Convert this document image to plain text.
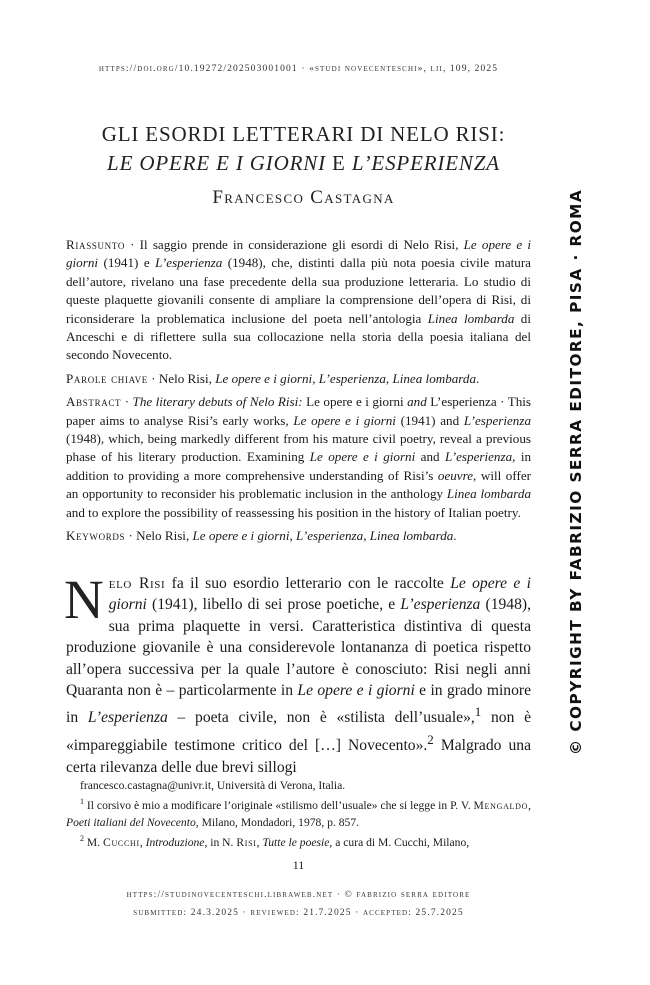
https://doi.org/10.19272/202503001001 · «studi novecenteschi», lii, 109, 2025
GLI ESORDI LETTERARI DI NELO RISI:
LE OPERE E I GIORNI E L’ESPERIENZA
Francesco Castagna

Riassunto · Il saggio prende in considerazione gli esordi di Nelo Risi, Le opere e i giorni (1941) e L’esperienza (1948), che, distinti dalla più nota poesia civile matura dell’autore, rivelano una fase precedente della sua produzione letteraria. Lo studio di queste plaquette giovanili consente di ampliare la comprensione dell’opera di Risi, di riconsiderare la problematica inclusione del poeta nell’antologia Linea lombarda di Anceschi e di riflettere sulla sua collocazione nella storia della poesia italiana del secondo Novecento.

Parole chiave · Nelo Risi, Le opere e i giorni, L’esperienza, Linea lombarda.

Abstract · The literary debuts of Nelo Risi: Le opere e i giorni and L’esperienza · This paper aims to analyse Risi’s early works, Le opere e i giorni (1941) and L’esperienza (1948), which, being markedly different from his mature civil poetry, reveal a previous phase of his literary production. Examining Le opere e i giorni and L’esperienza, in addition to providing a more comprehensive understanding of Risi’s oeuvre, will offer an opportunity to reconsider his problematic inclusion in the anthology Linea lombarda and to explore the possibility of reassessing his position in the history of Italian poetry.

Keywords · Nelo Risi, Le opere e i giorni, L’esperienza, Linea lombarda.

Nelo Risi fa il suo esordio letterario con le raccolte Le opere e i giorni (1941), libello di sei prose poetiche, e L’esperienza (1948), sua prima plaquette in versi. Caratteristica distintiva di questa produzione giovanile è una considerevole lontananza di poetica rispetto all’opera successiva per la quale l’autore è conosciuto: Risi negli anni Quaranta non è – particolarmente in Le opere e i giorni e in grado minore in L’esperienza – poeta civile, non è «stilista dell’usuale»,$^1$ non è «impareggiabile testimone critico del […] Novecento».$^2$ Malgrado una certa rilevanza delle due brevi sillogi

francesco.castagna@univr.it, Università di Verona, Italia.

$^1$ Il corsivo è mio a modificare l’originale «stilismo dell’usuale» che si legge in P. V. Mengaldo, Poeti italiani del Novecento, Milano, Mondadori, 1978, p. 857.

$^2$ M. Cucchi, Introduzione, in N. Risi, Tutte le poesie, a cura di M. Cucchi, Milano,

11
https://studinovecenteschi.libraweb.net · © fabrizio serra editore
submitted: 24.3.2025 · reviewed: 21.7.2025 · accepted: 25.7.2025
© COPYRIGHT BY FABRIZIO SERRA EDITORE, PISA · ROMA
